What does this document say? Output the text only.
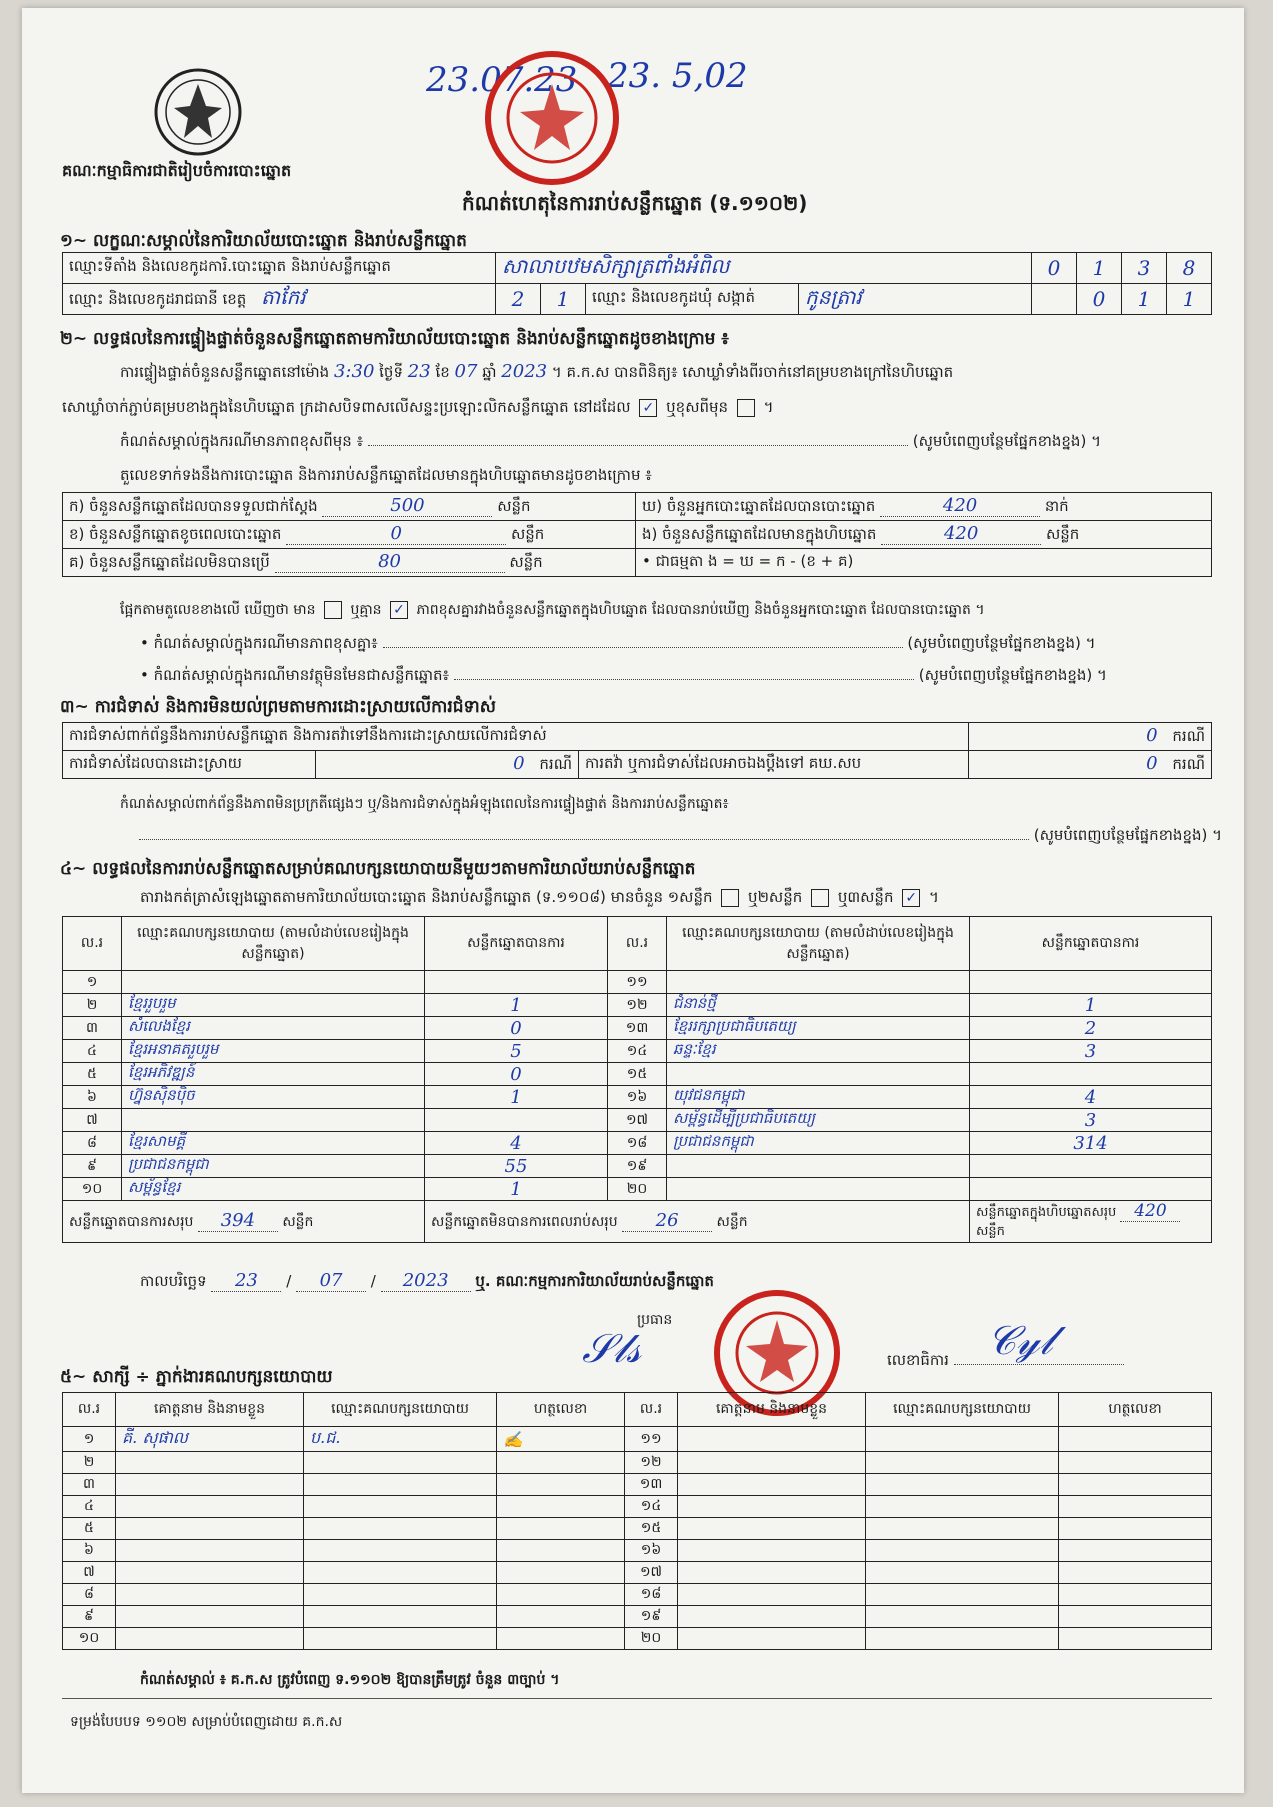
គណៈកម្មាធិការជាតិរៀបចំការបោះឆ្នោត
23.07.23 23. 5,02
កំណត់ហេតុនៃការរាប់សន្លឹកឆ្នោត (ទ.១១០២)
១~ លក្ខណៈសម្គាល់នៃការិយាល័យបោះឆ្នោត និងរាប់សន្លឹកឆ្នោត
ឈ្មោះទីតាំង និងលេខកូដការិ.បោះឆ្នោត និងរាប់សន្លឹកឆ្នោត	សាលាបឋមសិក្សាត្រពាំងអំពិល				0	1	3	8
ឈ្មោះ និងលេខកូដរាជធានី ខេត្ត តាកែវ	2	1	ឈ្មោះ និងលេខកូដឃុំ សង្កាត់	កូនត្រាវ		0	1	1
២~ លទ្ធផលនៃការផ្ទៀងផ្ទាត់ចំនួនសន្លឹកឆ្នោតតាមការិយាល័យបោះឆ្នោត និងរាប់សន្លឹកឆ្នោតដូចខាងក្រោម ៖
ការផ្ទៀងផ្ទាត់ចំនួនសន្លឹកឆ្នោតនៅម៉ោង 3:30 ថ្ងៃទី 23 ខែ 07 ឆ្នាំ 2023 ។ គ.ក.ស បានពិនិត្យ៖ សោឃ្លាំទាំងពីរចាក់នៅគម្របខាងក្រៅនៃហិបឆ្នោត
សោឃ្លាំចាក់ភ្ជាប់គម្របខាងក្នុងនៃហិបឆ្នោត ក្រដាសបិទពាសលើសន្ទះប្រឡោះលិកសន្លឹកឆ្នោត នៅដដែល ✓ ឬខុសពីមុន  ។
កំណត់សម្គាល់ក្នុងករណីមានភាពខុសពីមុន ៖	(សូមបំពេញបន្ថែមផ្នែកខាងខ្នង) ។
តួលេខទាក់ទងនឹងការបោះឆ្នោត និងការរាប់សន្លឹកឆ្នោតដែលមានក្នុងហិបឆ្នោតមានដូចខាងក្រោម ៖
ក) ចំនួនសន្លឹកឆ្នោតដែលបានទទួលជាក់ស្ដែង 500 សន្លឹក	ឃ) ចំនួនអ្នកបោះឆ្នោតដែលបានបោះឆ្នោត 420 នាក់
ខ) ចំនួនសន្លឹកឆ្នោតខូចពេលបោះឆ្នោត 0 សន្លឹក	ង) ចំនួនសន្លឹកឆ្នោតដែលមានក្នុងហិបឆ្នោត 420 សន្លឹក
គ) ចំនួនសន្លឹកឆ្នោតដែលមិនបានប្រើ 80 សន្លឹក	• ជាធម្មតា ង = ឃ = ក - (ខ + គ)
ផ្អែកតាមតួលេខខាងលើ ឃើញថា មាន ឬគ្មាន ✓ ភាពខុសគ្នារវាងចំនួនសន្លឹកឆ្នោតក្នុងហិបឆ្នោត ដែលបានរាប់ឃើញ និងចំនួនអ្នកបោះឆ្នោត ដែលបានបោះឆ្នោត ។
• កំណត់សម្គាល់ក្នុងករណីមានភាពខុសគ្នា៖	(សូមបំពេញបន្ថែមផ្នែកខាងខ្នង) ។
• កំណត់សម្គាល់ក្នុងករណីមានវត្ថុមិនមែនជាសន្លឹកឆ្នោត៖	(សូមបំពេញបន្ថែមផ្នែកខាងខ្នង) ។
៣~ ការជំទាស់ និងការមិនយល់ព្រមតាមការដោះស្រាយលើការជំទាស់
ការជំទាស់ពាក់ព័ន្ធនឹងការរាប់សន្លឹកឆ្នោត និងការតវ៉ាទៅនឹងការដោះស្រាយលើការជំទាស់			0 ករណី
ការជំទាស់ដែលបានដោះស្រាយ	0 ករណី	ការតវ៉ា ឬការជំទាស់ដែលអាចឯងប្ដឹងទៅ គឃ.សប	0 ករណី
កំណត់សម្គាល់ពាក់ព័ន្ធនឹងភាពមិនប្រក្រតីផ្សេងៗ ឬ/និងការជំទាស់ក្នុងអំឡុងពេលនៃការផ្ទៀងផ្ទាត់ និងការរាប់សន្លឹកឆ្នោត៖
(សូមបំពេញបន្ថែមផ្នែកខាងខ្នង) ។
៤~ លទ្ធផលនៃការរាប់សន្លឹកឆ្នោតសម្រាប់គណបក្សនយោបាយនីមួយៗតាមការិយាល័យរាប់សន្លឹកឆ្នោត
តារាងកត់ត្រាសំឡេងឆ្នោតតាមការិយាល័យបោះឆ្នោត និងរាប់សន្លឹកឆ្នោត (ទ.១១០៨) មានចំនួន ១សន្លឹក ឬ២សន្លឹក ឬ៣សន្លឹក ✓ ។
ល.រ	ឈ្មោះគណបក្សនយោបាយ (តាមលំដាប់លេខរៀងក្នុងសន្លឹកឆ្នោត)	សន្លឹកឆ្នោតបានការ	ល.រ	ឈ្មោះគណបក្សនយោបាយ (តាមលំដាប់លេខរៀងក្នុងសន្លឹកឆ្នោត)	សន្លឹកឆ្នោតបានការ
១			១១		
២	ខ្មែររួបរួម	1	១២	ជំនាន់ថ្មី	1
៣	សំលេងខ្មែរ	0	១៣	ខ្មែររក្សាប្រជាធិបតេយ្យ	2
៤	ខ្មែរអនាគតរួបរួម	5	១៤	ឆន្ទៈខ្មែរ	3
៥	ខ្មែរអភិវឌ្ឍន៍	0	១៥		
៦	ហ្វ៊ុនស៊ិនប៉ិច	1	១៦	យុវជនកម្ពុជា	4
៧			១៧	សម្ព័ន្ធដើម្បីប្រជាធិបតេយ្យ	3
៨	ខ្មែរសាមគ្គី	4	១៨	ប្រជាជនកម្ពុជា	314
៩	ប្រជាជនកម្ពុជា	55	១៩		
១០	សម្ព័ន្ធខ្មែរ	1	២០		
សន្លឹកឆ្នោតបានការសរុប 394 សន្លឹក		សន្លឹកឆ្នោតមិនបានការពេលរាប់សរុប 26 សន្លឹក			សន្លឹកឆ្នោតក្នុងហិបឆ្នោតសរុប 420 សន្លឹក
កាលបរិច្ឆេទ 23 / 07 / 2023 ឬ. គណៈកម្មការការិយាល័យរាប់សន្លឹកឆ្នោត
ប្រធាន
𝒮𝓁𝓈	លេខាធិការ 𝒞𝓎𝓁
៥~ សាក្សី ÷ ភ្នាក់ងារគណបក្សនយោបាយ
ល.រ	គោត្តនាម និងនាមខ្លួន	ឈ្មោះគណបក្សនយោបាយ	ហត្ថលេខា	ល.រ	គោត្តនាម និងនាមខ្លួន	ឈ្មោះគណបក្សនយោបាយ	ហត្ថលេខា
១	គី. សុផាល	ប.ជ.	✍	១១			
២				១២			
៣				១៣			
៤				១៤			
៥				១៥			
៦				១៦			
៧				១៧			
៨				១៨			
៩				១៩			
១០				២០			
កំណត់សម្គាល់ ៖ គ.ក.ស ត្រូវបំពេញ ទ.១១០២ ឱ្យបានត្រឹមត្រូវ ចំនួន ៣ច្បាប់ ។
ទម្រង់បែបបទ ១១០២ សម្រាប់បំពេញដោយ គ.ក.ស
